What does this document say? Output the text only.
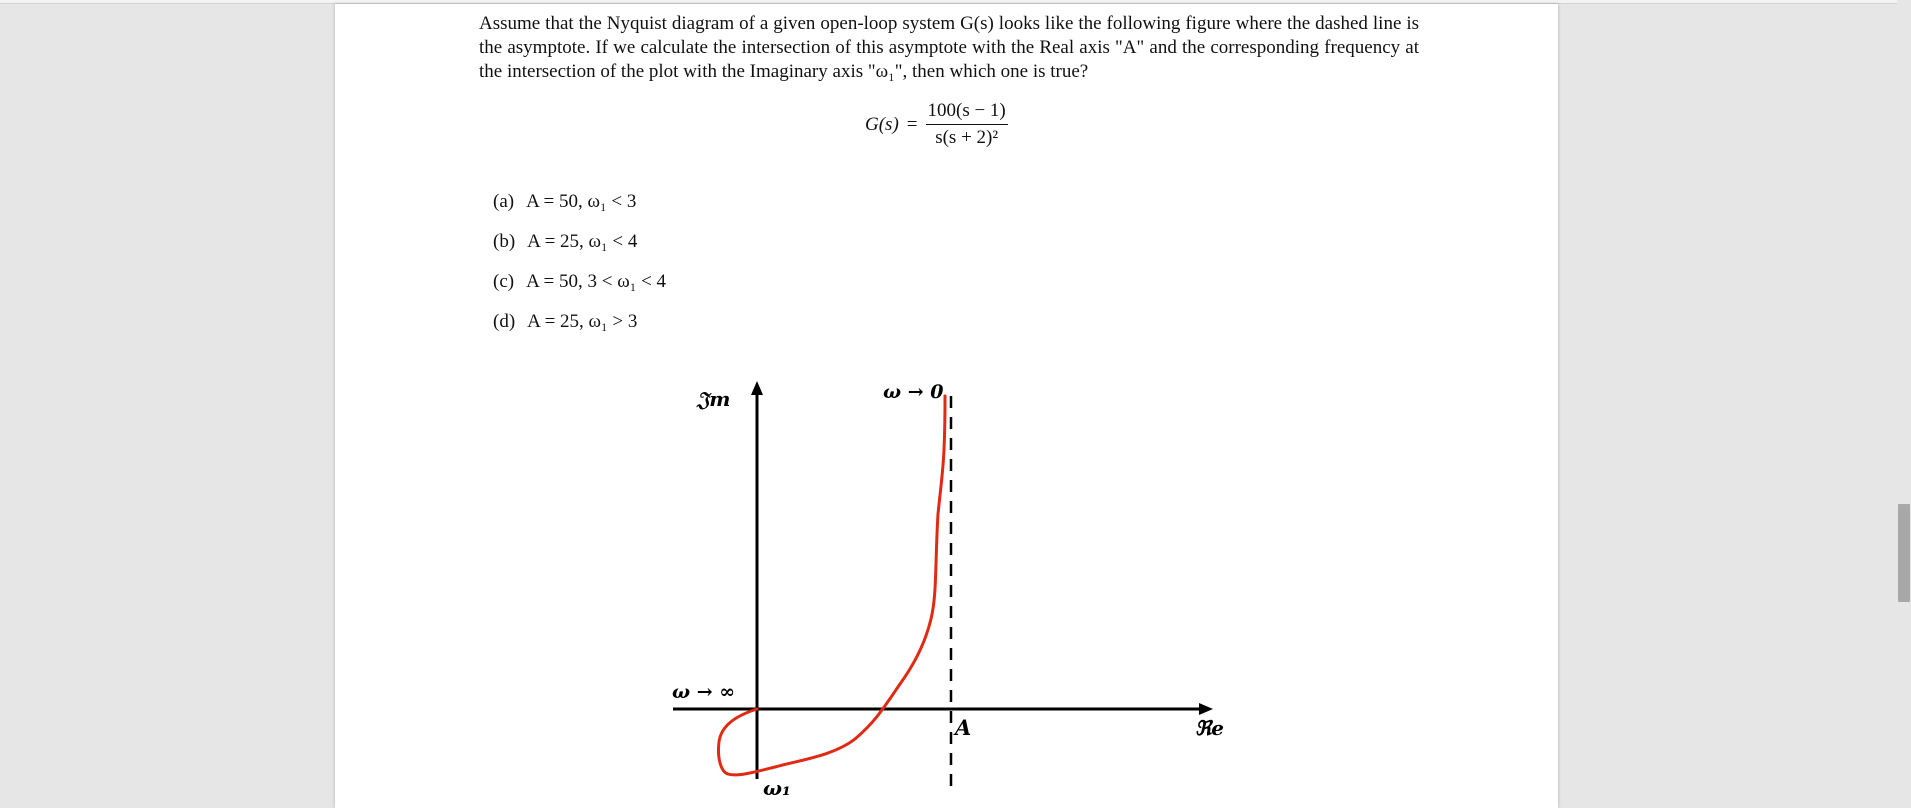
Assume that the Nyquist diagram of a given open-loop system G(s) looks like the following figure where the dashed line is the asymptote. If we calculate the intersection of this asymptote with the Real axis "A" and the corresponding frequency at the intersection of the plot with the Imaginary axis "ω₁", then which one is true?

$G(s) = \frac{100(s - 1)}{\text{s(s + 2)²}}$
(a) A = 50, ω₁ < 3
(b) A = 25, ω₁ < 4
(c) A = 50, 3 < ω₁ < 4
(d) A = 25, ω₁ > 3
𝔍m
ℜe
ω → 0
ω → ∞
A
ω₁
